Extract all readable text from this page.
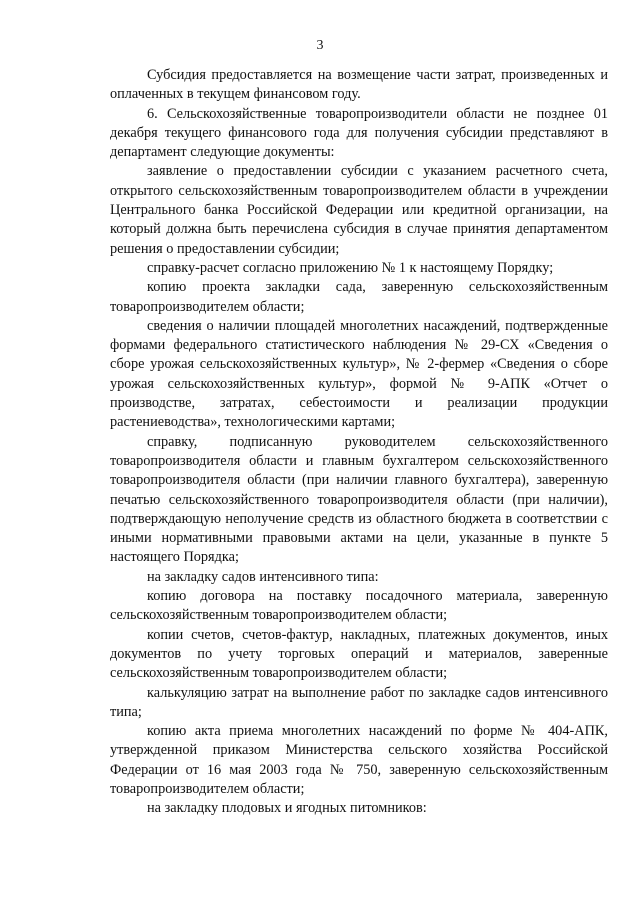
3

Субсидия предоставляется на возмещение части затрат, произведенных и оплаченных в текущем финансовом году.

6. Сельскохозяйственные товаропроизводители области не позднее 01 декабря текущего финансового года для получения субсидии представляют в департамент следующие документы:

заявление о предоставлении субсидии с указанием расчетного счета, открытого сельскохозяйственным товаропроизводителем области в учреждении Центрального банка Российской Федерации или кредитной организации, на который должна быть перечислена субсидия в случае принятия департаментом решения о предоставлении субсидии;

справку-расчет согласно приложению № 1 к настоящему Порядку;

копию проекта закладки сада, заверенную сельскохозяйственным товаропроизводителем области;

сведения о наличии площадей многолетних насаждений, подтвержденные формами федерального статистического наблюдения № 29-СХ «Сведения о сборе урожая сельскохозяйственных культур», № 2-фермер «Сведения о сборе урожая сельскохозяйственных культур», формой № 9-АПК «Отчет о производстве, затратах, себестоимости и реализации продукции растениеводства», технологическими картами;

справку, подписанную руководителем сельскохозяйственного товаропроизводителя области и главным бухгалтером сельскохозяйственного товаропроизводителя области (при наличии главного бухгалтера), заверенную печатью сельскохозяйственного товаропроизводителя области (при наличии), подтверждающую неполучение средств из областного бюджета в соответствии с иными нормативными правовыми актами на цели, указанные в пункте 5 настоящего Порядка;

на закладку садов интенсивного типа:

копию договора на поставку посадочного материала, заверенную сельскохозяйственным товаропроизводителем области;

копии счетов, счетов-фактур, накладных, платежных документов, иных документов по учету торговых операций и материалов, заверенные сельскохозяйственным товаропроизводителем области;

калькуляцию затрат на выполнение работ по закладке садов интенсивного типа;

копию акта приема многолетних насаждений по форме № 404-АПК, утвержденной приказом Министерства сельского хозяйства Российской Федерации от 16 мая 2003 года № 750, заверенную сельскохозяйственным товаропроизводителем области;

на закладку плодовых и ягодных питомников:
